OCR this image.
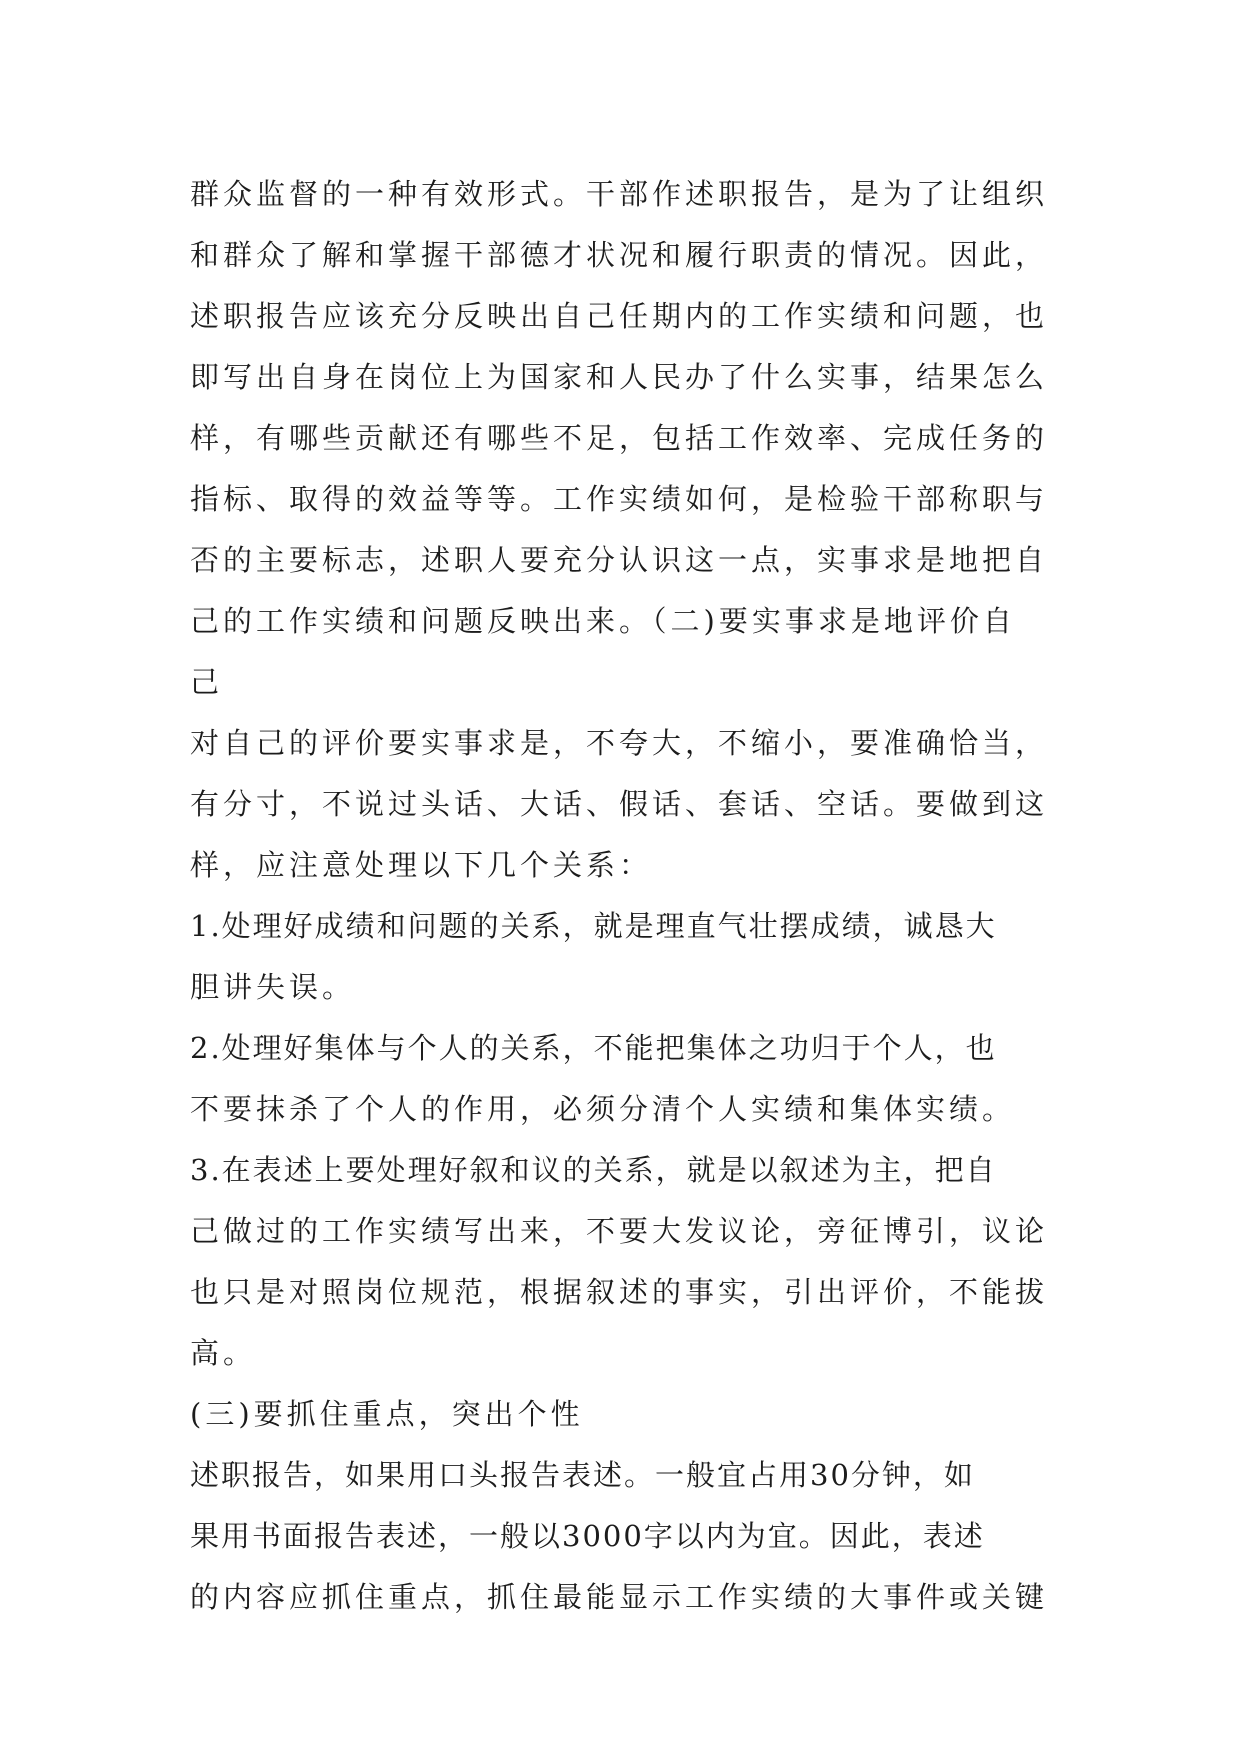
群众监督的一种有效形式。干部作述职报告，是为了让组织
和群众了解和掌握干部德才状况和履行职责的情况。因此，
述职报告应该充分反映出自己任期内的工作实绩和问题，也
即写出自身在岗位上为国家和人民办了什么实事，结果怎么
样，有哪些贡献还有哪些不足，包括工作效率、完成任务的
指标、取得的效益等等。工作实绩如何，是检验干部称职与
否的主要标志，述职人要充分认识这一点，实事求是地把自
己的工作实绩和问题反映出来。（二)要实事求是地评价自
己
对自己的评价要实事求是，不夸大，不缩小，要准确恰当，
有分寸，不说过头话、大话、假话、套话、空话。要做到这
样，应注意处理以下几个关系：
1.处理好成绩和问题的关系，就是理直气壮摆成绩，诚恳大
胆讲失误。
2.处理好集体与个人的关系，不能把集体之功归于个人，也
不要抹杀了个人的作用，必须分清个人实绩和集体实绩。
3.在表述上要处理好叙和议的关系，就是以叙述为主，把自
己做过的工作实绩写出来，不要大发议论，旁征博引，议论
也只是对照岗位规范，根据叙述的事实，引出评价，不能拔
高。
(三)要抓住重点，突出个性
述职报告，如果用口头报告表述。一般宜占用30分钟，如
果用书面报告表述，一般以3000字以内为宜。因此，表述
的内容应抓住重点，抓住最能显示工作实绩的大事件或关键
